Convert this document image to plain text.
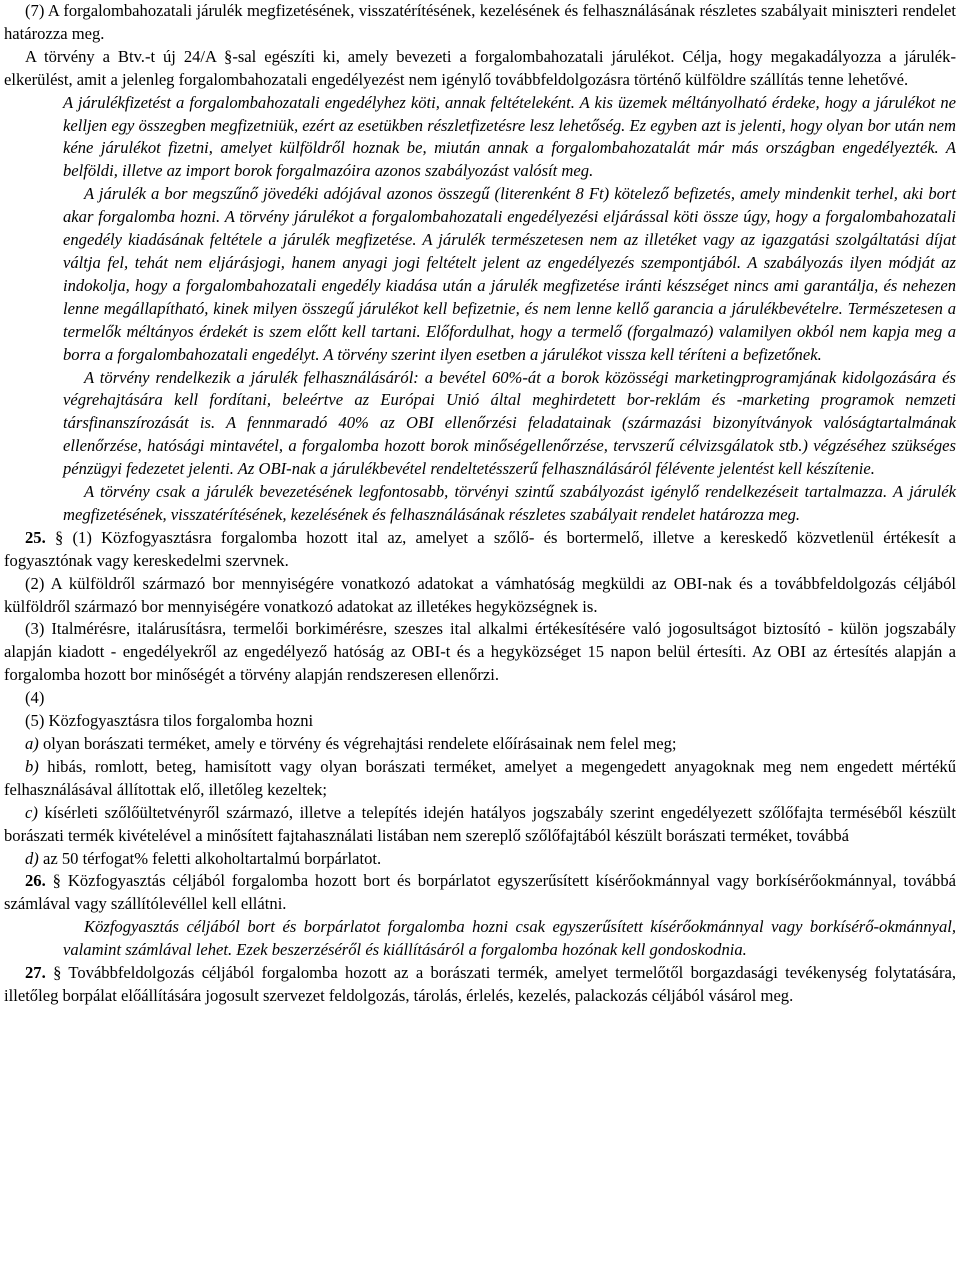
(7) A forgalombahozatali járulék megfizetésének, visszatérítésének, kezelésének és felhasználásának részletes szabályait miniszteri rendelet határozza meg.

A törvény a Btv.-t új 24/A §-sal egészíti ki, amely bevezeti a forgalombahozatali járulékot. Célja, hogy megakadályozza a járulék-elkerülést, amit a jelenleg forgalombahozatali engedélyezést nem igénylő továbbfeldolgozásra történő külföldre szállítás tenne lehetővé.

A járulékfizetést a forgalombahozatali engedélyhez köti, annak feltételeként. A kis üzemek méltányolható érdeke, hogy a járulékot ne kelljen egy összegben megfizetniük, ezért az esetükben részletfizetésre lesz lehetőség. Ez egyben azt is jelenti, hogy olyan bor után nem kéne járulékot fizetni, amelyet külföldről hoznak be, miután annak a forgalombahozatalát már más országban engedélyezték. A belföldi, illetve az import borok forgalmazóira azonos szabályozást valósít meg.

A járulék a bor megszűnő jövedéki adójával azonos összegű (literenként 8 Ft) kötelező befizetés, amely mindenkit terhel, aki bort akar forgalomba hozni. A törvény járulékot a forgalombahozatali engedélyezési eljárással köti össze úgy, hogy a forgalombahozatali engedély kiadásának feltétele a járulék megfizetése. A járulék természetesen nem az illetéket vagy az igazgatási szolgáltatási díjat váltja fel, tehát nem eljárásjogi, hanem anyagi jogi feltételt jelent az engedélyezés szempontjából. A szabályozás ilyen módját az indokolja, hogy a forgalombahozatali engedély kiadása után a járulék megfizetése iránti készséget nincs ami garantálja, és nehezen lenne megállapítható, kinek milyen összegű járulékot kell befizetnie, és nem lenne kellő garancia a járulékbevételre. Természetesen a termelők méltányos érdekét is szem előtt kell tartani. Előfordulhat, hogy a termelő (forgalmazó) valamilyen okból nem kapja meg a borra a forgalombahozatali engedélyt. A törvény szerint ilyen esetben a járulékot vissza kell téríteni a befizetőnek.

A törvény rendelkezik a járulék felhasználásáról: a bevétel 60%-át a borok közösségi marketingprogramjának kidolgozására és végrehajtására kell fordítani, beleértve az Európai Unió által meghirdetett bor-reklám és -marketing programok nemzeti társfinanszírozását is. A fennmaradó 40% az OBI ellenőrzési feladatainak (származási bizonyítványok valóságtartalmának ellenőrzése, hatósági mintavétel, a forgalomba hozott borok minőségellenőrzése, tervszerű célvizsgálatok stb.) végzéséhez szükséges pénzügyi fedezetet jelenti. Az OBI-nak a járulékbevétel rendeltetésszerű felhasználásáról félévente jelentést kell készítenie.

A törvény csak a járulék bevezetésének legfontosabb, törvényi szintű szabályozást igénylő rendelkezéseit tartalmazza. A járulék megfizetésének, visszatérítésének, kezelésének és felhasználásának részletes szabályait rendelet határozza meg.

25. § (1) Közfogyasztásra forgalomba hozott ital az, amelyet a szőlő- és bortermelő, illetve a kereskedő közvetlenül értékesít a fogyasztónak vagy kereskedelmi szervnek.

(2) A külföldről származó bor mennyiségére vonatkozó adatokat a vámhatóság megküldi az OBI-nak és a továbbfeldolgozás céljából külföldről származó bor mennyiségére vonatkozó adatokat az illetékes hegyközségnek is.

(3) Italmérésre, italárusításra, termelői borkimérésre, szeszes ital alkalmi értékesítésére való jogosultságot biztosító - külön jogszabály alapján kiadott - engedélyekről az engedélyező hatóság az OBI-t és a hegyközséget 15 napon belül értesíti. Az OBI az értesítés alapján a forgalomba hozott bor minőségét a törvény alapján rendszeresen ellenőrzi.

(4)

(5) Közfogyasztásra tilos forgalomba hozni

a) olyan borászati terméket, amely e törvény és végrehajtási rendelete előírásainak nem felel meg;

b) hibás, romlott, beteg, hamisított vagy olyan borászati terméket, amelyet a megengedett anyagoknak meg nem engedett mértékű felhasználásával állítottak elő, illetőleg kezeltek;

c) kísérleti szőlőültetvényről származó, illetve a telepítés idején hatályos jogszabály szerint engedélyezett szőlőfajta terméséből készült borászati termék kivételével a minősített fajtahasználati listában nem szereplő szőlőfajtából készült borászati terméket, továbbá

d) az 50 térfogat% feletti alkoholtartalmú borpárlatot.

26. § Közfogyasztás céljából forgalomba hozott bort és borpárlatot egyszerűsített kísérőokmánnyal vagy borkísérőokmánnyal, továbbá számlával vagy szállítólevéllel kell ellátni.

Közfogyasztás céljából bort és borpárlatot forgalomba hozni csak egyszerűsített kísérőokmánnyal vagy borkísérő-okmánnyal, valamint számlával lehet. Ezek beszerzéséről és kiállításáról a forgalomba hozónak kell gondoskodnia.

27. § Továbbfeldolgozás céljából forgalomba hozott az a borászati termék, amelyet termelőtől borgazdasági tevékenység folytatására, illetőleg borpálat előállítására jogosult szervezet feldolgozás, tárolás, érlelés, kezelés, palackozás céljából vásárol meg.
